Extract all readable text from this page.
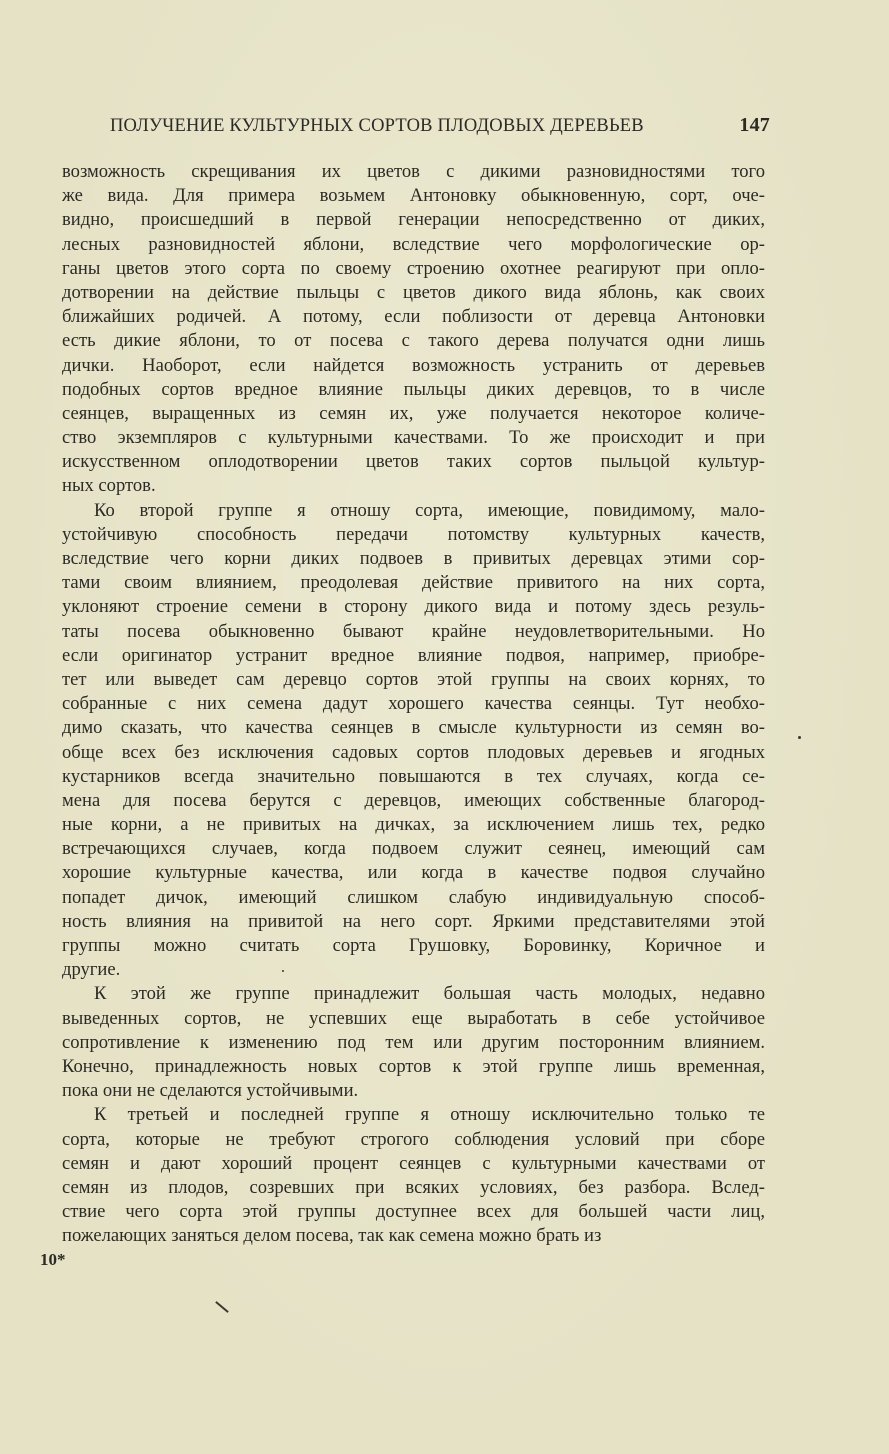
ПОЛУЧЕНИЕ КУЛЬТУРНЫХ СОРТОВ ПЛОДОВЫХ ДЕРЕВЬЕВ	147
возможность скрещивания их цветов с дикими разновидностями того
же вида. Для примера возьмем Антоновку обыкновенную, сорт, оче-
видно, происшедший в первой генерации непосредственно от диких,
лесных разновидностей яблони, вследствие чего морфологические ор-
ганы цветов этого сорта по своему строению охотнее реагируют при опло-
дотворении на действие пыльцы с цветов дикого вида яблонь, как своих
ближайших родичей. А потому, если поблизости от деревца Антоновки
есть дикие яблони, то от посева с такого дерева получатся одни лишь
дички. Наоборот, если найдется возможность устранить от деревьев
подобных сортов вредное влияние пыльцы диких деревцов, то в числе
сеянцев, выращенных из семян их, уже получается некоторое количе-
ство экземпляров с культурными качествами. То же происходит и при
искусственном оплодотворении цветов таких сортов пыльцой культур-
ных сортов.
Ко второй группе я отношу сорта, имеющие, повидимому, мало-
устойчивую способность передачи потомству культурных качеств,
вследствие чего корни диких подвоев в привитых деревцах этими сор-
тами своим влиянием, преодолевая действие привитого на них сорта,
уклоняют строение семени в сторону дикого вида и потому здесь резуль-
таты посева обыкновенно бывают крайне неудовлетворительными. Но
если оригинатор устранит вредное влияние подвоя, например, приобре-
тет или выведет сам деревцо сортов этой группы на своих корнях, то
собранные с них семена дадут хорошего качества сеянцы. Тут необхо-
димо сказать, что качества сеянцев в смысле культурности из семян во-
обще всех без исключения садовых сортов плодовых деревьев и ягодных
кустарников всегда значительно повышаются в тех случаях, когда се-
мена для посева берутся с деревцов, имеющих собственные благород-
ные корни, а не привитых на дичках, за исключением лишь тех, редко
встречающихся случаев, когда подвоем служит сеянец, имеющий сам
хорошие культурные качества, или когда в качестве подвоя случайно
попадет дичок, имеющий слишком слабую индивидуальную способ-
ность влияния на привитой на него сорт. Яркими представителями этой
группы можно считать сорта Грушовку, Боровинку, Коричное и
другие.
К этой же группе принадлежит большая часть молодых, недавно
выведенных сортов, не успевших еще выработать в себе устойчивое
сопротивление к изменению под тем или другим посторонним влиянием.
Конечно, принадлежность новых сортов к этой группе лишь временная,
пока они не сделаются устойчивыми.
К третьей и последней группе я отношу исключительно только те
сорта, которые не требуют строгого соблюдения условий при сборе
семян и дают хороший процент сеянцев с культурными качествами от
семян из плодов, созревших при всяких условиях, без разбора. Вслед-
ствие чего сорта этой группы доступнее всех для большей части лиц,
пожелающих заняться делом посева, так как семена можно брать из
10*
